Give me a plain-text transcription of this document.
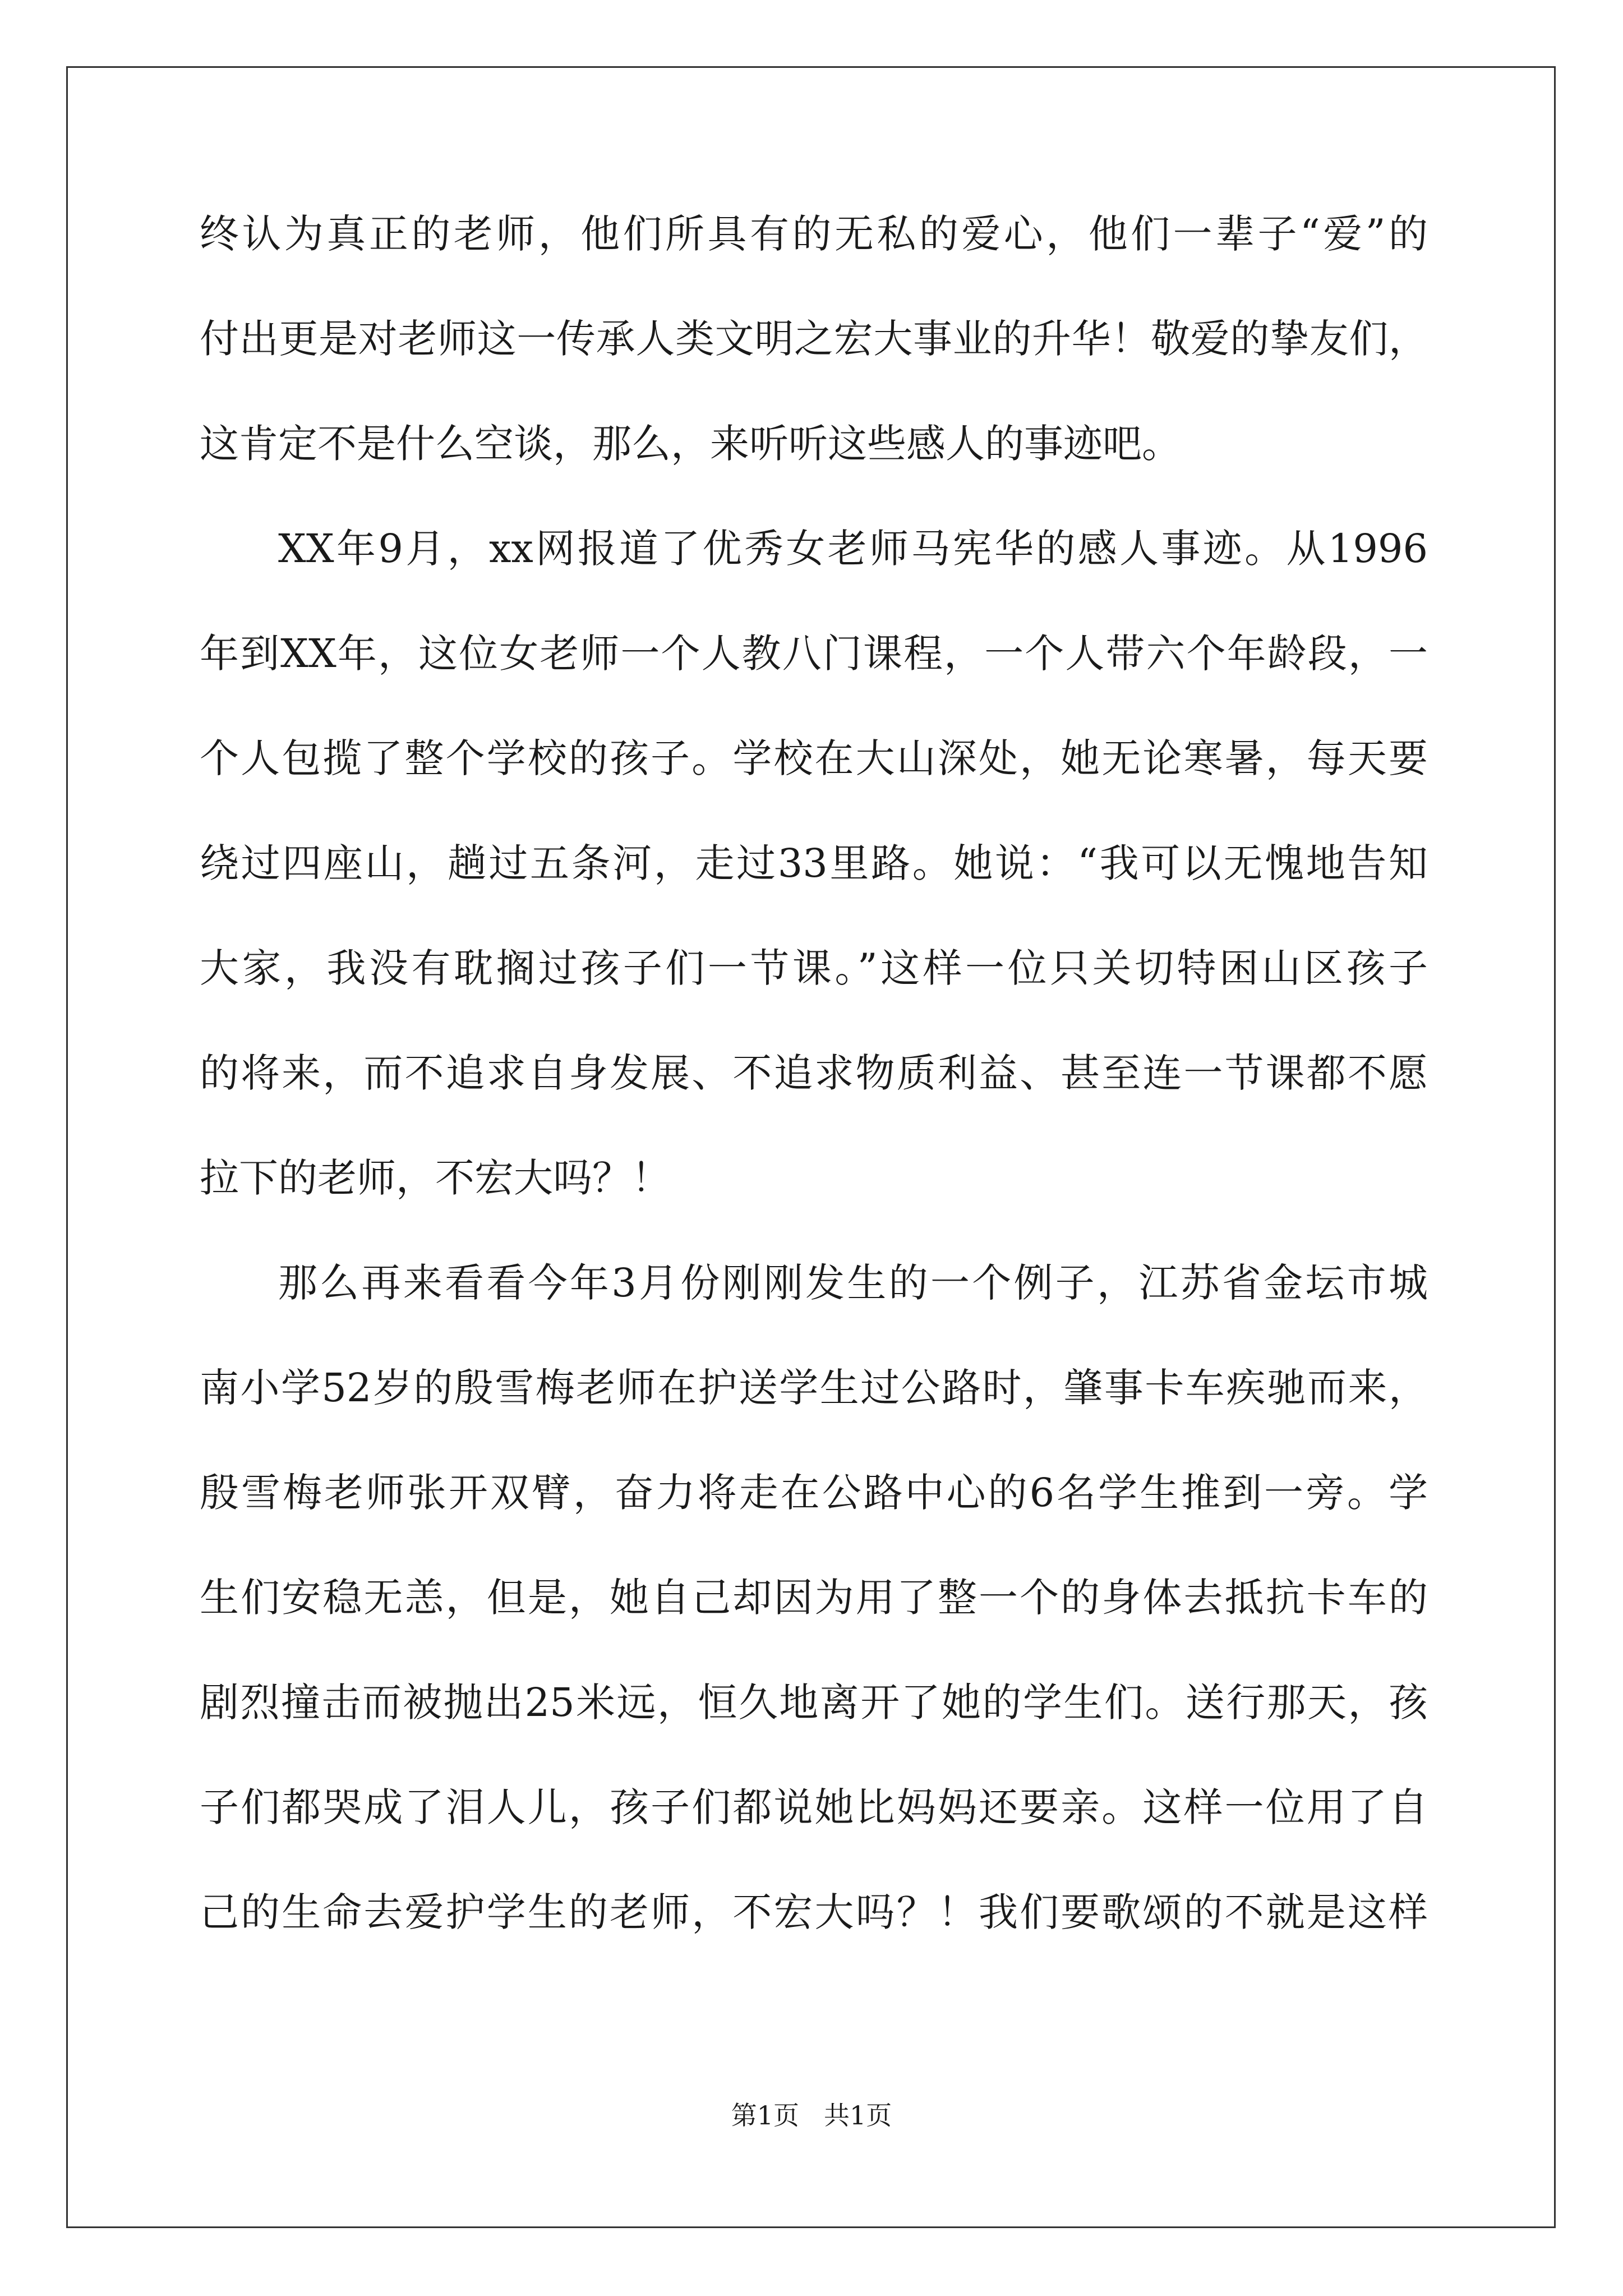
终认为真正的老师，他们所具有的无私的爱心，他们一辈子“爱”的
付出更是对老师这一传承人类文明之宏大事业的升华！敬爱的挚友们，
这肯定不是什么空谈，那么，来听听这些感人的事迹吧。
XX年9月，xx网报道了优秀女老师马宪华的感人事迹。从1996
年到XX年，这位女老师一个人教八门课程，一个人带六个年龄段，一
个人包揽了整个学校的孩子。学校在大山深处，她无论寒暑，每天要
绕过四座山，趟过五条河，走过33里路。她说：“我可以无愧地告知
大家，我没有耽搁过孩子们一节课。”这样一位只关切特困山区孩子
的将来，而不追求自身发展、不追求物质利益、甚至连一节课都不愿
拉下的老师，不宏大吗？！
那么再来看看今年3月份刚刚发生的一个例子，江苏省金坛市城
南小学52岁的殷雪梅老师在护送学生过公路时，肇事卡车疾驰而来，
殷雪梅老师张开双臂，奋力将走在公路中心的6名学生推到一旁。学
生们安稳无恙，但是，她自己却因为用了整一个的身体去抵抗卡车的
剧烈撞击而被抛出25米远，恒久地离开了她的学生们。送行那天，孩
子们都哭成了泪人儿，孩子们都说她比妈妈还要亲。这样一位用了自
己的生命去爱护学生的老师，不宏大吗？！我们要歌颂的不就是这样
第1页 共1页
